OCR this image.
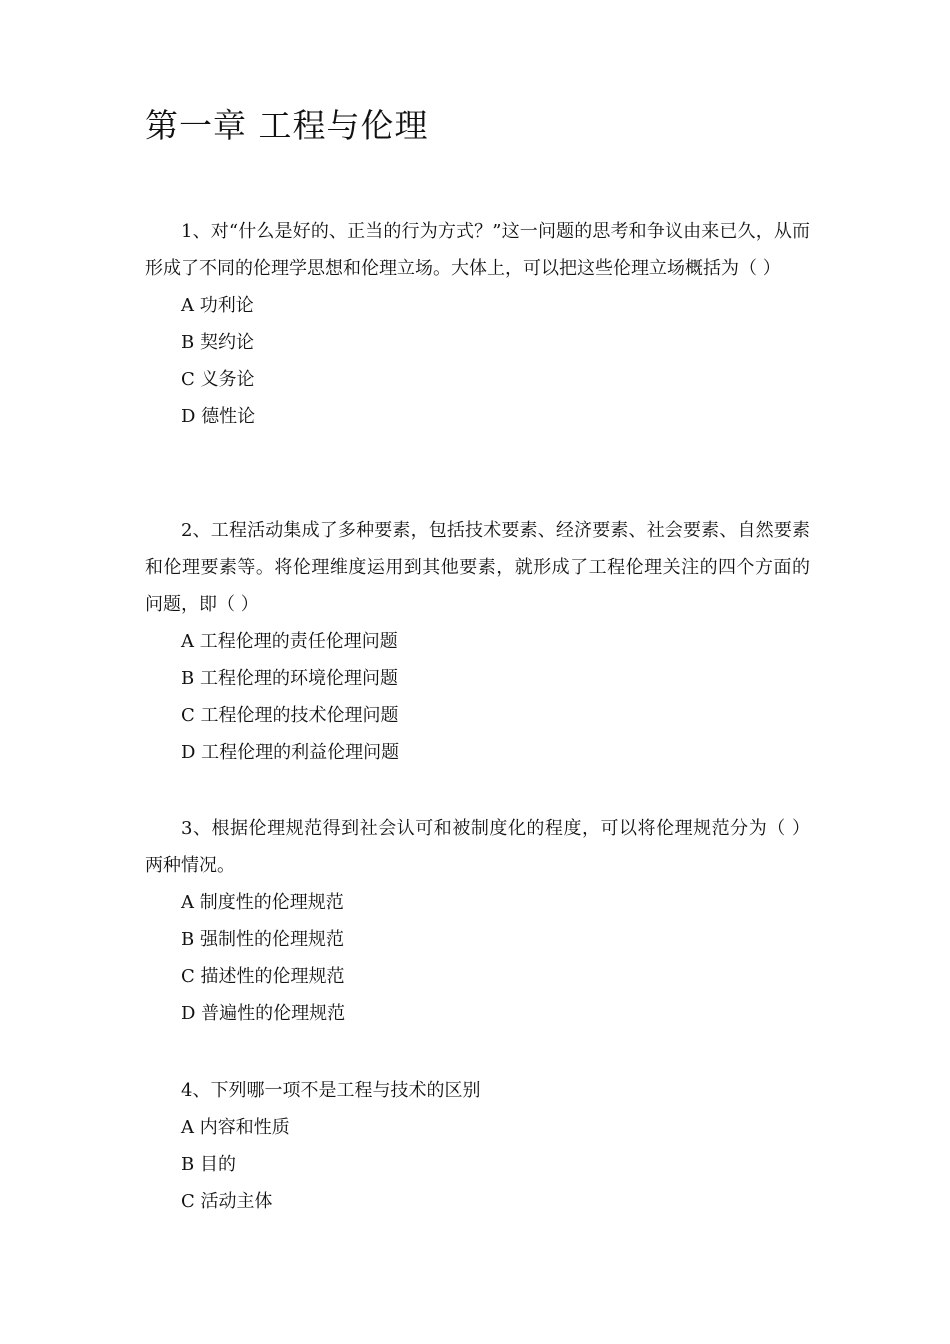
第一章 工程与伦理

1、对“什么是好的、正当的行为方式？”这一问题的思考和争议由来已久，从而形成了不同的伦理学思想和伦理立场。大体上，可以把这些伦理立场概括为（ ）

A 功利论

B 契约论

C 义务论

D 德性论

2、工程活动集成了多种要素，包括技术要素、经济要素、社会要素、自然要素和伦理要素等。将伦理维度运用到其他要素，就形成了工程伦理关注的四个方面的问题，即（ ）

A 工程伦理的责任伦理问题

B 工程伦理的环境伦理问题

C 工程伦理的技术伦理问题

D 工程伦理的利益伦理问题

3、根据伦理规范得到社会认可和被制度化的程度，可以将伦理规范分为（ ）两种情况。

A 制度性的伦理规范

B 强制性的伦理规范

C 描述性的伦理规范

D 普遍性的伦理规范

4、下列哪一项不是工程与技术的区别

A 内容和性质

B 目的

C 活动主体
